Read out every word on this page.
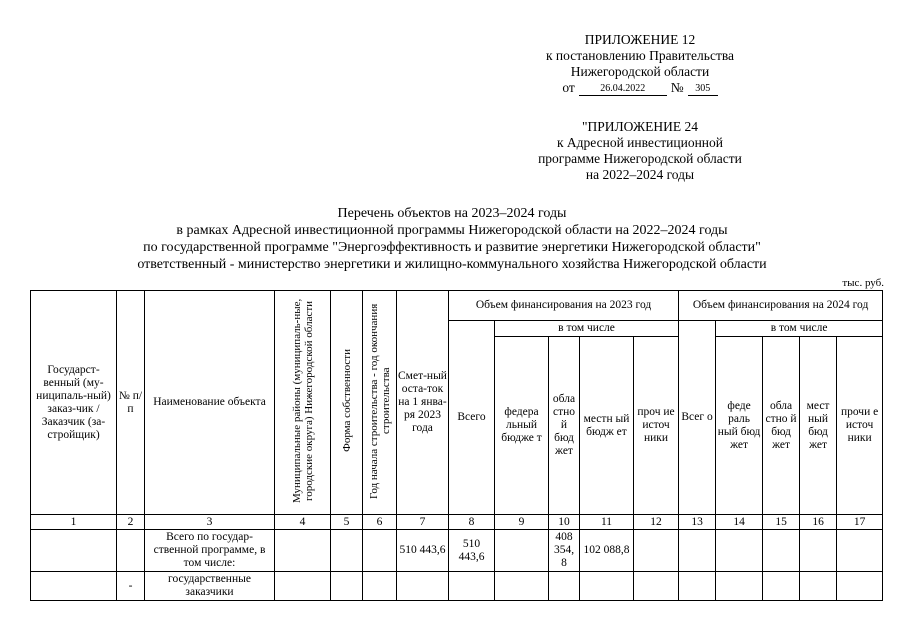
ПРИЛОЖЕНИЕ 12
к постановлению Правительства
Нижегородской области
от	26.04.2022	№	305
"ПРИЛОЖЕНИЕ 24
к Адресной инвестиционной
программе Нижегородской области
на 2022–2024 годы
Перечень объектов на 2023–2024 годы
в рамках Адресной инвестиционной программы Нижегородской области на 2022–2024 годы
по государственной программе "Энергоэффективность и развитие энергетики Нижегородской области"
ответственный - министерство энергетики и жилищно-коммунального хозяйства Нижегородской области
тыс. руб.
Государст-венный (му-ниципаль-ный) заказ-чик / Заказчик (за-стройщик)	№ п/п	Наименование объекта	Муниципальные районы (муниципаль-ные, городские округа) Нижегородской области	Форма собственности	Год начала строительства - год окончания строительства	Смет-ный оста-ток на 1 янва-ря 2023 года	Объем финансирования на 2023 год					Объем финансирования на 2024 год				
							Всего	в том числе				Всег о	в том числе			
								федера льный бюдже т	обла стно й бюд жет	местн ый бюдж ет	проч ие источ ники		феде раль ный бюд жет	обла стно й бюд жет	мест ный бюд жет	прочи е источ ники
1	2	3	4	5	6	7	8	9	10	11	12	13	14	15	16	17
		Всего по государ-ственной программе, в том числе:				510 443,6	510 443,6		408 354, 8	102 088,8						
	-	государственные заказчики														
